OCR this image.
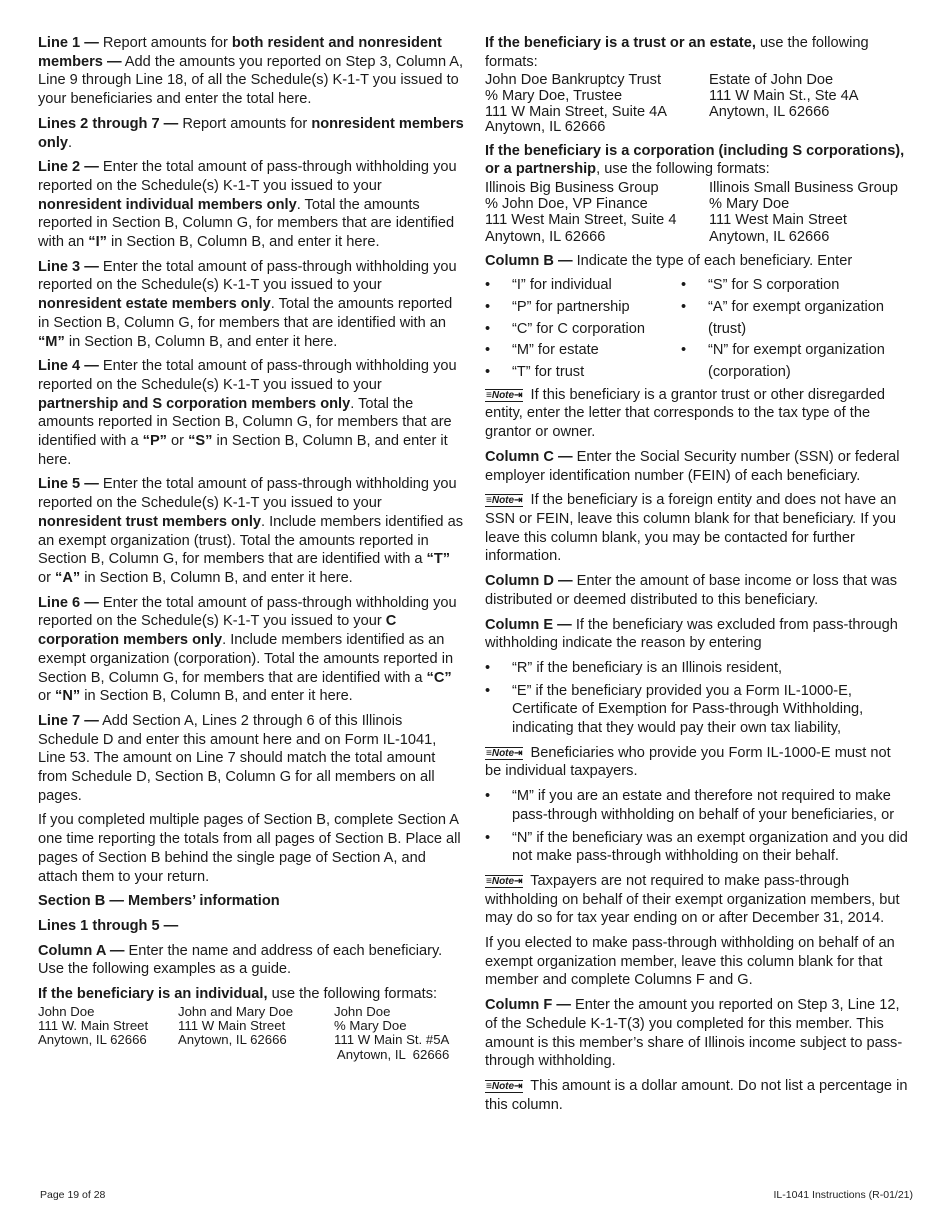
Line 1 — Report amounts for both resident and nonresident members — Add the amounts you reported on Step 3, Column A, Line 9 through Line 18, of all the Schedule(s) K-1-T you issued to your beneficiaries and enter the total here.

Lines 2 through 7 — Report amounts for nonresident members only.

Line 2 — Enter the total amount of pass-through withholding you reported on the Schedule(s) K-1-T you issued to your nonresident individual members only. Total the amounts reported in Section B, Column G, for members that are identified with an “I” in Section B, Column B, and enter it here.

Line 3 — Enter the total amount of pass-through withholding you reported on the Schedule(s) K-1-T you issued to your nonresident estate members only. Total the amounts reported in Section B, Column G, for members that are identified with an “M” in Section B, Column B, and enter it here.

Line 4 — Enter the total amount of pass-through withholding you reported on the Schedule(s) K-1-T you issued to your partnership and S corporation members only. Total the amounts reported in Section B, Column G, for members that are identified with a “P” or “S” in Section B, Column B, and enter it here.

Line 5 — Enter the total amount of pass-through withholding you reported on the Schedule(s) K-1-T you issued to your nonresident trust members only. Include members identified as an exempt organization (trust). Total the amounts reported in Section B, Column G, for members that are identified with a “T” or “A” in Section B, Column B, and enter it here.

Line 6 — Enter the total amount of pass-through withholding you reported on the Schedule(s) K-1-T you issued to your C corporation members only. Include members identified as an exempt organization (corporation). Total the amounts reported in Section B, Column G, for members that are identified with a “C” or “N” in Section B, Column B, and enter it here.

Line 7 — Add Section A, Lines 2 through 6 of this Illinois Schedule D and enter this amount here and on Form IL-1041, Line 53. The amount on Line 7 should match the total amount from Schedule D, Section B, Column G for all members on all pages.

If you completed multiple pages of Section B, complete Section A one time reporting the totals from all pages of Section B. Place all pages of Section B behind the single page of Section A, and attach them to your return.

Section B — Members’ information

Lines 1 through 5 —

Column A — Enter the name and address of each beneficiary. Use the following examples as a guide.

If the beneficiary is an individual, use the following formats:

John Doe
111 W. Main Street
Anytown, IL 62666
John and Mary Doe
111 W Main Street
Anytown, IL 62666
John Doe
% Mary Doe
111 W Main St. #5A
Anytown, IL  62666

If the beneficiary is a trust or an estate, use the following formats:

John Doe Bankruptcy Trust
% Mary Doe, Trustee
111 W Main Street, Suite 4A
Anytown, IL 62666
Estate of John Doe
111 W Main St., Ste 4A
Anytown, IL 62666

If the beneficiary is a corporation (including S corporations), or a partnership, use the following formats:

Illinois Big Business Group
% John Doe, VP Finance
111 West Main Street, Suite 4
Anytown, IL 62666
Illinois Small Business Group
% Mary Doe
111 West Main Street
Anytown, IL 62666

Column B — Indicate the type of each beneficiary. Enter

• “I” for individual	• “S” for S corporation
• “P” for partnership	• “A” for exempt organization
• “C” for C corporation	(trust)
• “M” for estate	• “N” for exempt organization
• “T” for trust	(corporation)

≡Note⇥ If this beneficiary is a grantor trust or other disregarded entity, enter the letter that corresponds to the tax type of the grantor or owner.

Column C — Enter the Social Security number (SSN) or federal employer identification number (FEIN) of each beneficiary.

≡Note⇥ If the beneficiary is a foreign entity and does not have an SSN or FEIN, leave this column blank for that beneficiary. If you leave this column blank, you may be contacted for further information.

Column D — Enter the amount of base income or loss that was distributed or deemed distributed to this beneficiary.

Column E — If the beneficiary was excluded from pass-through withholding indicate the reason by entering

• “R” if the beneficiary is an Illinois resident,
• “E” if the beneficiary provided you a Form IL-1000-E, Certificate of Exemption for Pass-through Withholding, indicating that they would pay their own tax liability,

≡Note⇥ Beneficiaries who provide you Form IL-1000-E must not be individual taxpayers.

• “M” if you are an estate and therefore not required to make pass-through withholding on behalf of your beneficiaries, or
• “N” if the beneficiary was an exempt organization and you did not make pass-through withholding on their behalf.

≡Note⇥ Taxpayers are not required to make pass-through withholding on behalf of their exempt organization members, but may do so for tax year ending on or after December 31, 2014.

If you elected to make pass-through withholding on behalf of an exempt organization member, leave this column blank for that member and complete Columns F and G.

Column F — Enter the amount you reported on Step 3, Line 12, of the Schedule K-1-T(3) you completed for this member. This amount is this member’s share of Illinois income subject to pass-through withholding.

≡Note⇥ This amount is a dollar amount. Do not list a percentage in this column.

Page 19 of 28	IL-1041 Instructions (R-01/21)
